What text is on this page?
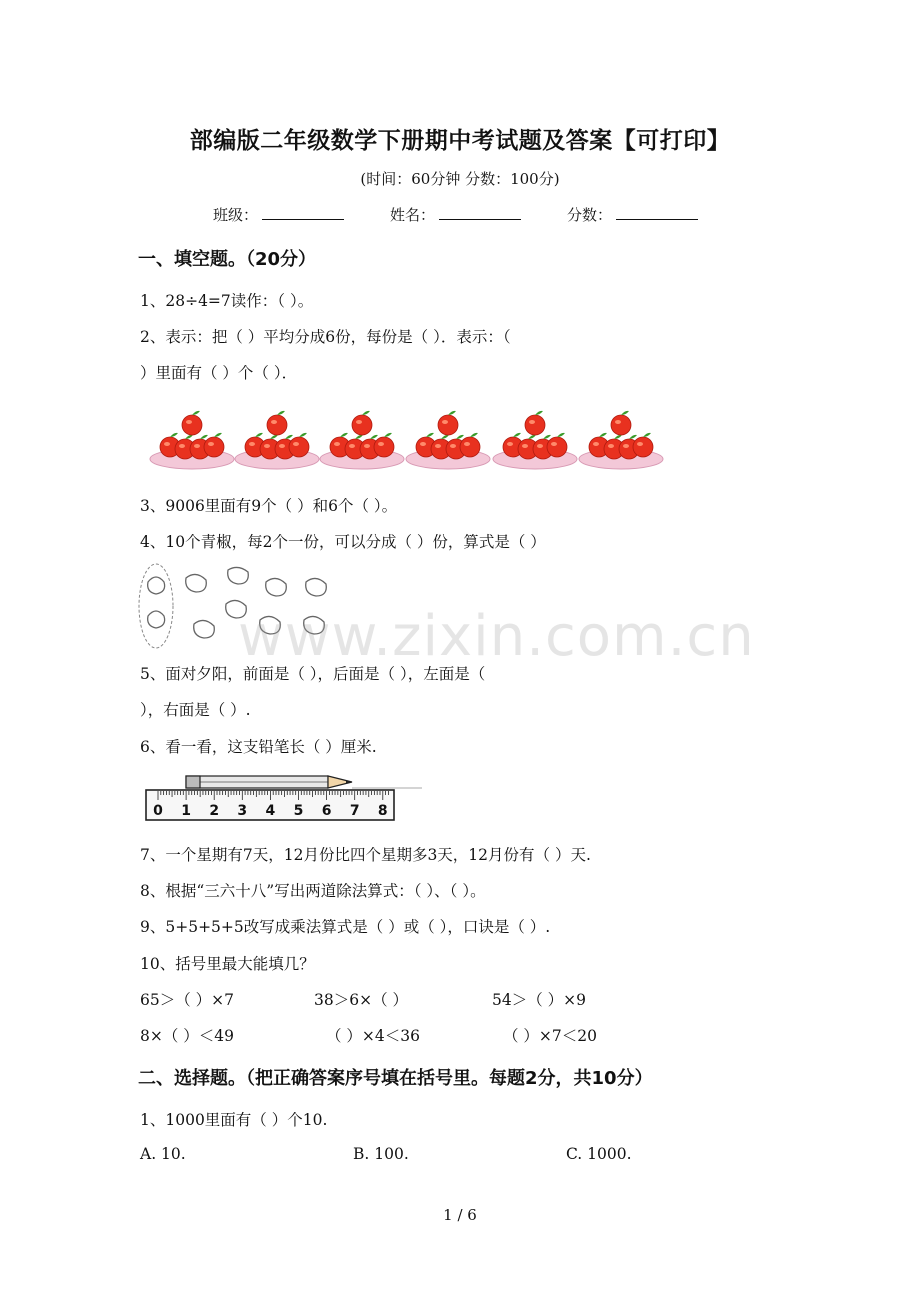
部编版二年级数学下册期中考试题及答案【可打印】
(时间：60分钟 分数：100分)
班级：	姓名：	分数：
一、填空题。（20分）
1、28÷4=7读作：（ ）。
2、表示：把（ ）平均分成6份，每份是（ ）．表示：（
）里面有（ ）个（ ）．
3、9006里面有9个（ ）和6个（ ）。
4、10个青椒，每2个一份，可以分成（ ）份，算式是（ ）
www.zixin.com.cn
5、面对夕阳，前面是（ ），后面是（ ），左面是（
），右面是（ ）.
6、看一看，这支铅笔长（ ）厘米.
0 1 2 3 4 5 6 7 8
7、一个星期有7天，12月份比四个星期多3天，12月份有（ ）天.
8、根据“三六十八”写出两道除法算式：（ ）、（ ）。
9、5+5+5+5改写成乘法算式是（ ）或（ ），口诀是（ ）.
10、括号里最大能填几？
65＞（ ）×7	38＞6×（ ）	54＞（ ）×9
8×（ ）＜49	（ ）×4＜36	（ ）×7＜20
二、选择题。（把正确答案序号填在括号里。每题2分，共10分）
1、1000里面有（ ）个10.
A. 10.	B. 100.	C. 1000.
1 / 6
